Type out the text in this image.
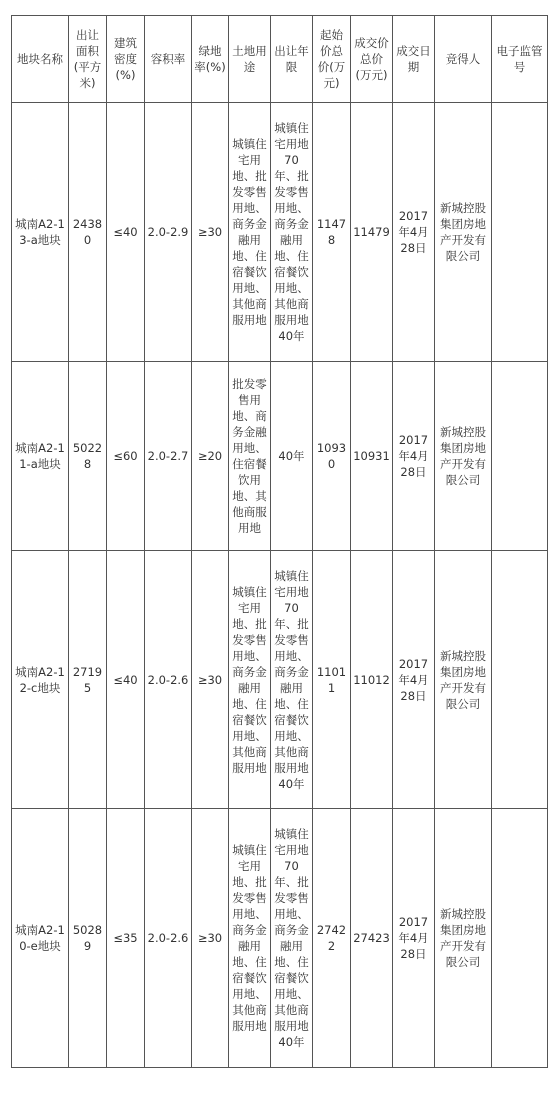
地块名称	出让面积(平方米)	建筑密度(%)	容积率	绿地率(%)	土地用途	出让年限	起始价总价(万元)	成交价总价(万元)	成交日期	竞得人	电子监管号
城南A2-13-a地块	24380	≤40	2.0-2.9	≥30	城镇住宅用地、批发零售用地、商务金融用地、住宿餐饮用地、其他商服用地	城镇住宅用地70年、批发零售用地、商务金融用地、住宿餐饮用地、其他商服用地40年	11478	11479	2017年4月28日	新城控股集团房地产开发有限公司	
城南A2-11-a地块	50228	≤60	2.0-2.7	≥20	批发零售用地、商务金融用地、住宿餐饮用地、其他商服用地	40年	10930	10931	2017年4月28日	新城控股集团房地产开发有限公司	
城南A2-12-c地块	27195	≤40	2.0-2.6	≥30	城镇住宅用地、批发零售用地、商务金融用地、住宿餐饮用地、其他商服用地	城镇住宅用地70年、批发零售用地、商务金融用地、住宿餐饮用地、其他商服用地40年	11011	11012	2017年4月28日	新城控股集团房地产开发有限公司	
城南A2-10-e地块	50289	≤35	2.0-2.6	≥30	城镇住宅用地、批发零售用地、商务金融用地、住宿餐饮用地、其他商服用地	城镇住宅用地70年、批发零售用地、商务金融用地、住宿餐饮用地、其他商服用地40年	27422	27423	2017年4月28日	新城控股集团房地产开发有限公司	
